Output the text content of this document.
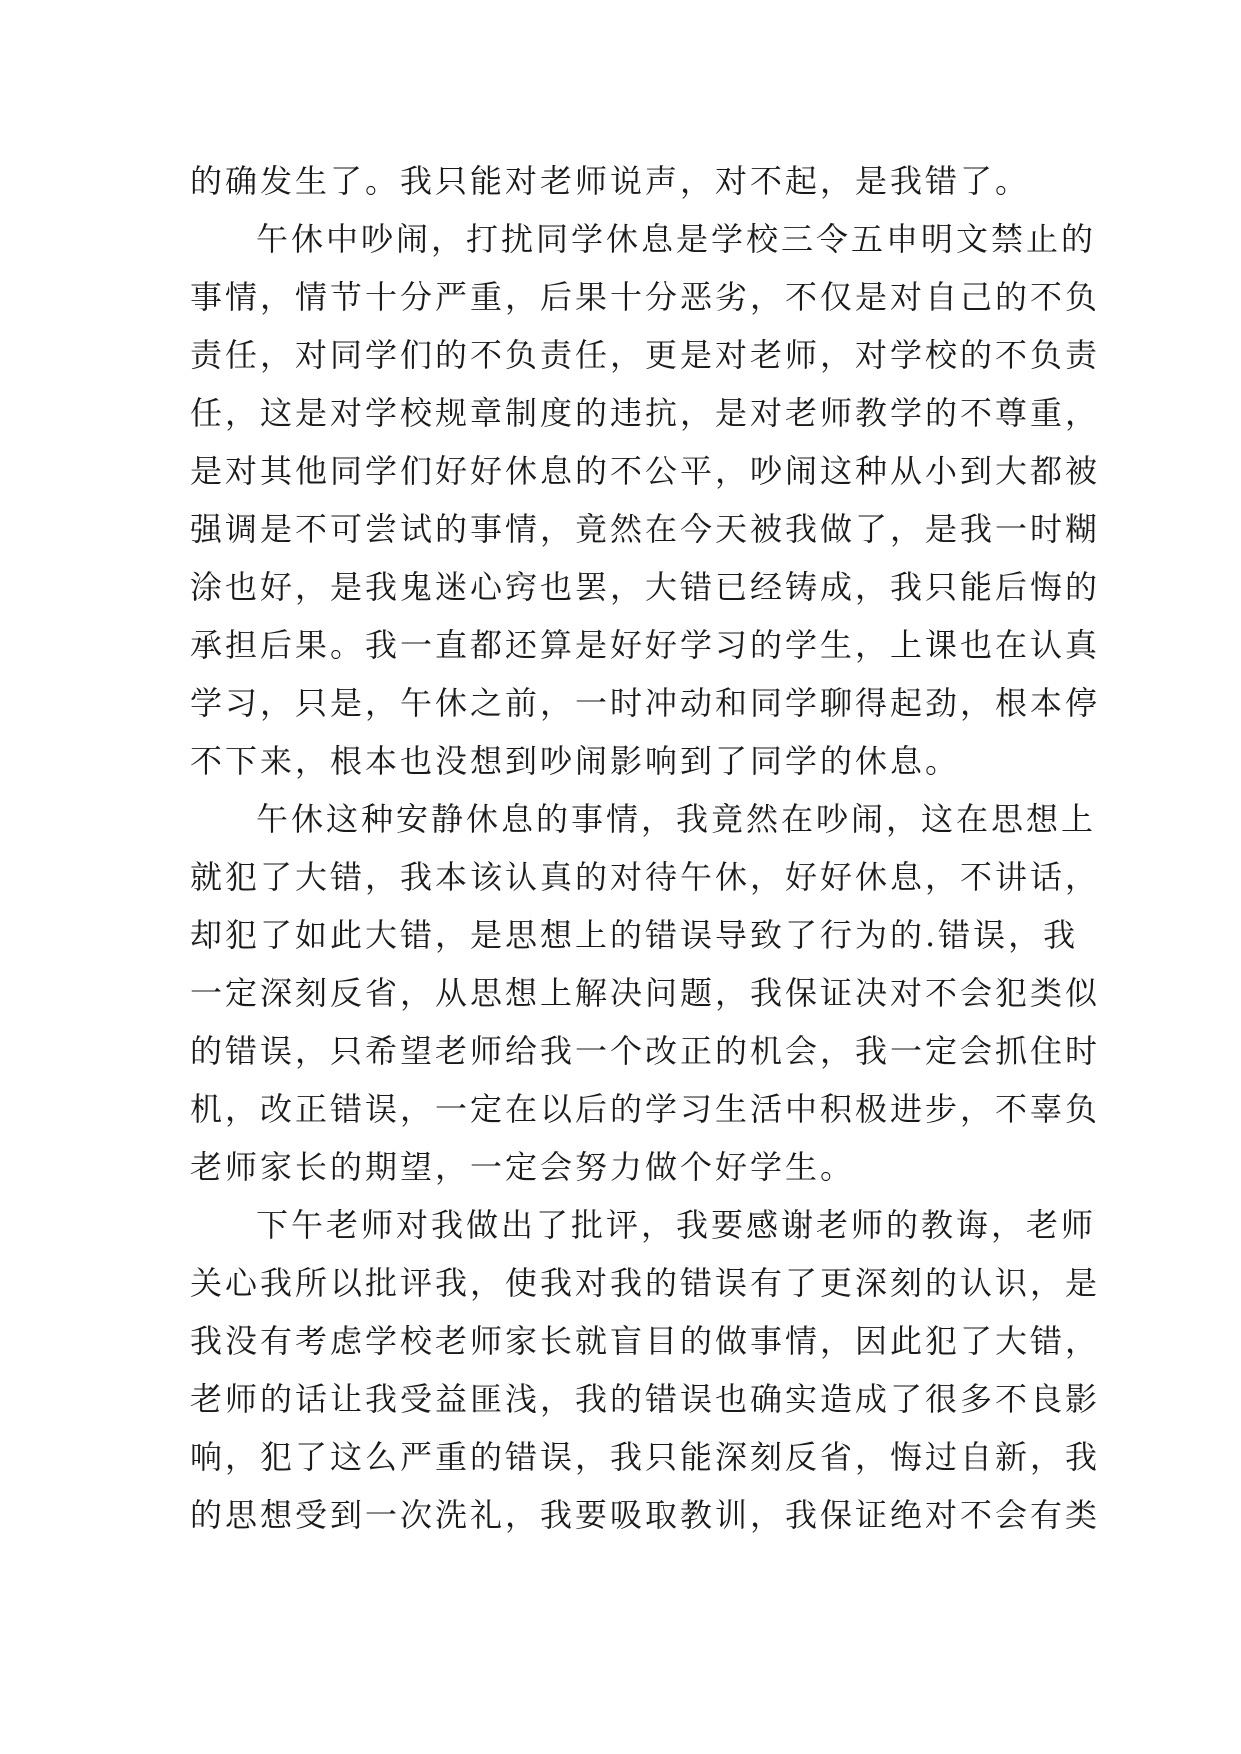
的确发生了。我只能对老师说声，对不起，是我错了。
午休中吵闹，打扰同学休息是学校三令五申明文禁止的
事情，情节十分严重，后果十分恶劣，不仅是对自己的不负
责任，对同学们的不负责任，更是对老师，对学校的不负责
任，这是对学校规章制度的违抗，是对老师教学的不尊重，
是对其他同学们好好休息的不公平，吵闹这种从小到大都被
强调是不可尝试的事情，竟然在今天被我做了，是我一时糊
涂也好，是我鬼迷心窍也罢，大错已经铸成，我只能后悔的
承担后果。我一直都还算是好好学习的学生，上课也在认真
学习，只是，午休之前，一时冲动和同学聊得起劲，根本停
不下来，根本也没想到吵闹影响到了同学的休息。
午休这种安静休息的事情，我竟然在吵闹，这在思想上
就犯了大错，我本该认真的对待午休，好好休息，不讲话，
却犯了如此大错，是思想上的错误导致了行为的.错误，我
一定深刻反省，从思想上解决问题，我保证决对不会犯类似
的错误，只希望老师给我一个改正的机会，我一定会抓住时
机，改正错误，一定在以后的学习生活中积极进步，不辜负
老师家长的期望，一定会努力做个好学生。
下午老师对我做出了批评，我要感谢老师的教诲，老师
关心我所以批评我，使我对我的错误有了更深刻的认识，是
我没有考虑学校老师家长就盲目的做事情，因此犯了大错，
老师的话让我受益匪浅，我的错误也确实造成了很多不良影
响，犯了这么严重的错误，我只能深刻反省，悔过自新，我
的思想受到一次洗礼，我要吸取教训，我保证绝对不会有类
